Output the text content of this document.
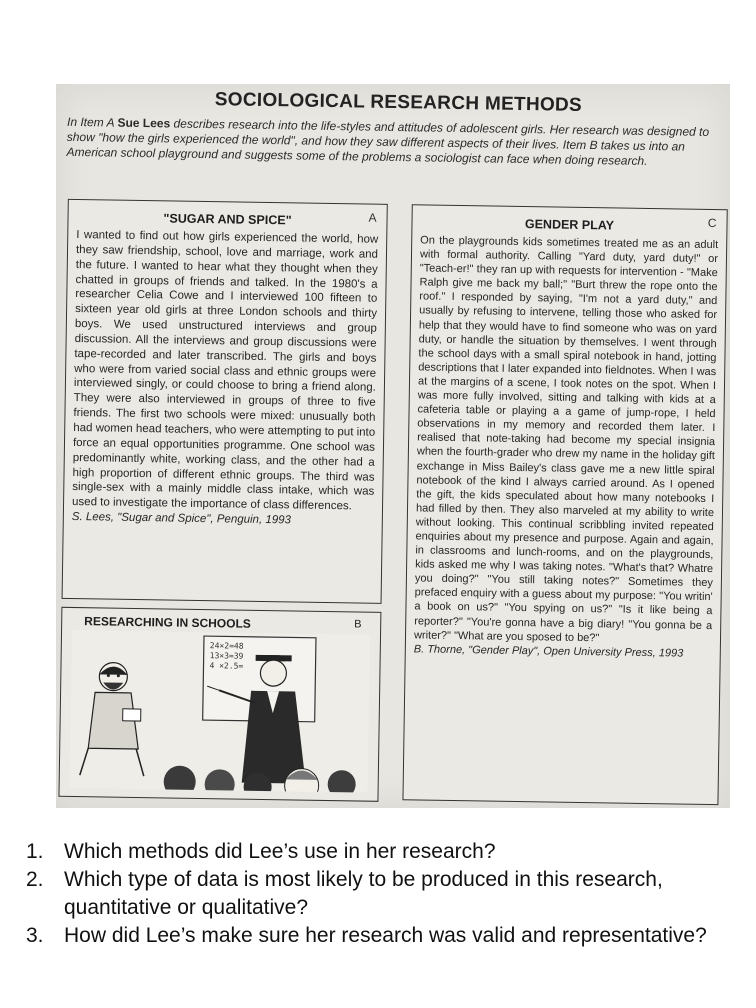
SOCIOLOGICAL RESEARCH METHODS

In Item A Sue Lees describes research into the life-styles and attitudes of adolescent girls. Her research was designed to show "how the girls experienced the world", and how they saw different aspects of their lives. Item B takes us into an American school playground and suggests some of the problems a sociologist can face when doing research.

A
"SUGAR AND SPICE"

I wanted to find out how girls experienced the world, how they saw friendship, school, love and marriage, work and the future. I wanted to hear what they thought when they chatted in groups of friends and talked. In the 1980's a researcher Celia Cowe and I interviewed 100 fifteen to sixteen year old girls at three London schools and thirty boys. We used unstructured interviews and group discussion. All the interviews and group discussions were tape-recorded and later transcribed. The girls and boys who were from varied social class and ethnic groups were interviewed singly, or could choose to bring a friend along. They were also interviewed in groups of three to five friends. The first two schools were mixed: unusually both had women head teachers, who were attempting to put into force an equal opportunities programme. One school was predominantly white, working class, and the other had a high proportion of different ethnic groups. The third was single-sex with a mainly middle class intake, which was used to investigate the importance of class differences.
S. Lees, "Sugar and Spice", Penguin, 1993

RESEARCHING IN SCHOOLS	B
24×2=48
13×3=39
4 ×2.5=
C
GENDER PLAY

On the playgrounds kids sometimes treated me as an adult with formal authority. Calling "Yard duty, yard duty!" or "Teach-er!" they ran up with requests for intervention - "Make Ralph give me back my ball;" "Burt threw the rope onto the roof." I responded by saying, "I'm not a yard duty," and usually by refusing to intervene, telling those who asked for help that they would have to find someone who was on yard duty, or handle the situation by themselves. I went through the school days with a small spiral notebook in hand, jotting descriptions that I later expanded into fieldnotes. When I was at the margins of a scene, I took notes on the spot. When I was more fully involved, sitting and talking with kids at a cafeteria table or playing a a game of jump-rope, I held observations in my memory and recorded them later. I realised that note-taking had become my special insignia when the fourth-grader who drew my name in the holiday gift exchange in Miss Bailey's class gave me a new little spiral notebook of the kind I always carried around. As I opened the gift, the kids speculated about how many notebooks I had filled by then. They also marveled at my ability to write without looking. This continual scribbling invited repeated enquiries about my presence and purpose. Again and again, in classrooms and lunch-rooms, and on the playgrounds, kids asked me why I was taking notes. "What's that? Whatre you doing?" "You still taking notes?" Sometimes they prefaced enquiry with a guess about my purpose: "You writin' a book on us?" "You spying on us?" "Is it like being a reporter?" "You're gonna have a big diary! "You gonna be a writer?" "What are you sposed to be?"
B. Thorne, "Gender Play", Open University Press, 1993

1. Which methods did Lee’s use in her research?
2. Which type of data is most likely to be produced in this research, quantitative or qualitative?
3. How did Lee’s make sure her research was valid and representative?
